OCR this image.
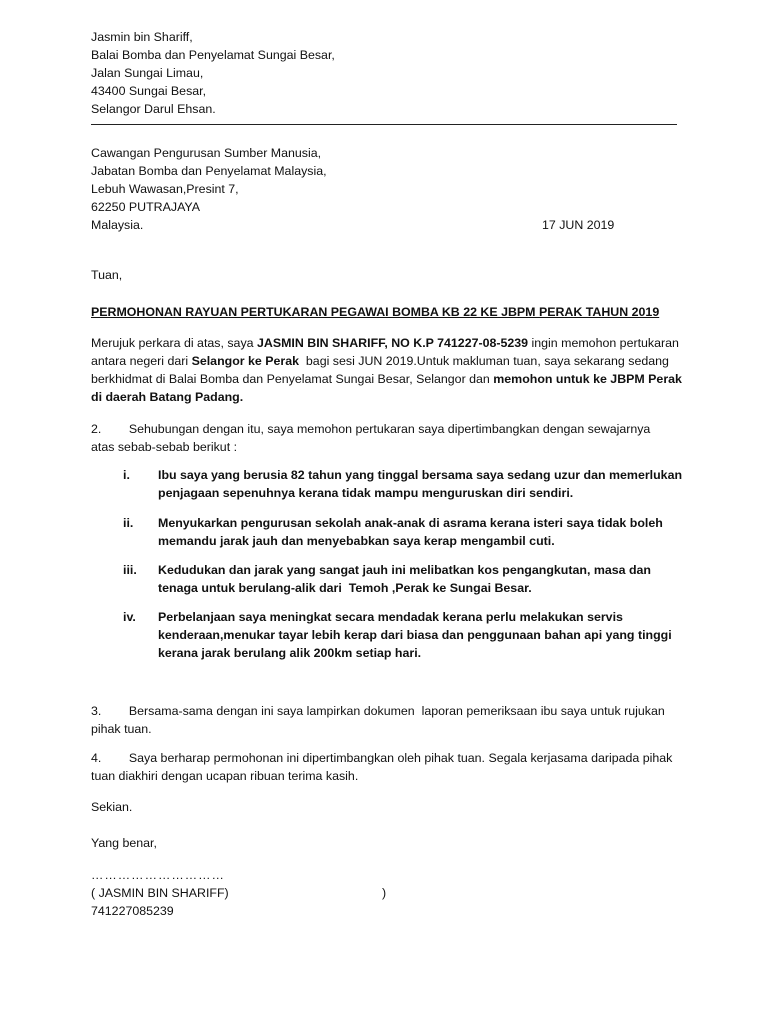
Jasmin bin Shariff,
Balai Bomba dan Penyelamat Sungai Besar,
Jalan Sungai Limau,
43400 Sungai Besar,
Selangor Darul Ehsan.
Cawangan Pengurusan Sumber Manusia,
Jabatan Bomba dan Penyelamat Malaysia,
Lebuh Wawasan,Presint 7,
62250 PUTRAJAYA
Malaysia.	17 JUN 2019
Tuan,
PERMOHONAN RAYUAN PERTUKARAN PEGAWAI BOMBA KB 22 KE JBPM PERAK TAHUN 2019
Merujuk perkara di atas, saya JASMIN BIN SHARIFF, NO K.P 741227-08-5239 ingin memohon pertukaran
antara negeri dari Selangor ke Perak  bagi sesi JUN 2019.Untuk makluman tuan, saya sekarang sedang
berkhidmat di Balai Bomba dan Penyelamat Sungai Besar, Selangor dan memohon untuk ke JBPM Perak
di daerah Batang Padang.
2.        Sehubungan dengan itu, saya memohon pertukaran saya dipertimbangkan dengan sewajarnya
atas sebab-sebab berikut :
i. Ibu saya yang berusia 82 tahun yang tinggal bersama saya sedang uzur dan memerlukan
penjagaan sepenuhnya kerana tidak mampu menguruskan diri sendiri.
ii. Menyukarkan pengurusan sekolah anak-anak di asrama kerana isteri saya tidak boleh
memandu jarak jauh dan menyebabkan saya kerap mengambil cuti.
iii. Kedudukan dan jarak yang sangat jauh ini melibatkan kos pengangkutan, masa dan
tenaga untuk berulang-alik dari  Temoh ,Perak ke Sungai Besar.
iv. Perbelanjaan saya meningkat secara mendadak kerana perlu melakukan servis
kenderaan,menukar tayar lebih kerap dari biasa dan penggunaan bahan api yang tinggi
kerana jarak berulang alik 200km setiap hari.
3.        Bersama-sama dengan ini saya lampirkan dokumen  laporan pemeriksaan ibu saya untuk rujukan
pihak tuan.
4.        Saya berharap permohonan ini dipertimbangkan oleh pihak tuan. Segala kerjasama daripada pihak
tuan diakhiri dengan ucapan ribuan terima kasih.
Sekian.
Yang benar,
…………………………
( JASMIN BIN SHARIFF)	)
741227085239
